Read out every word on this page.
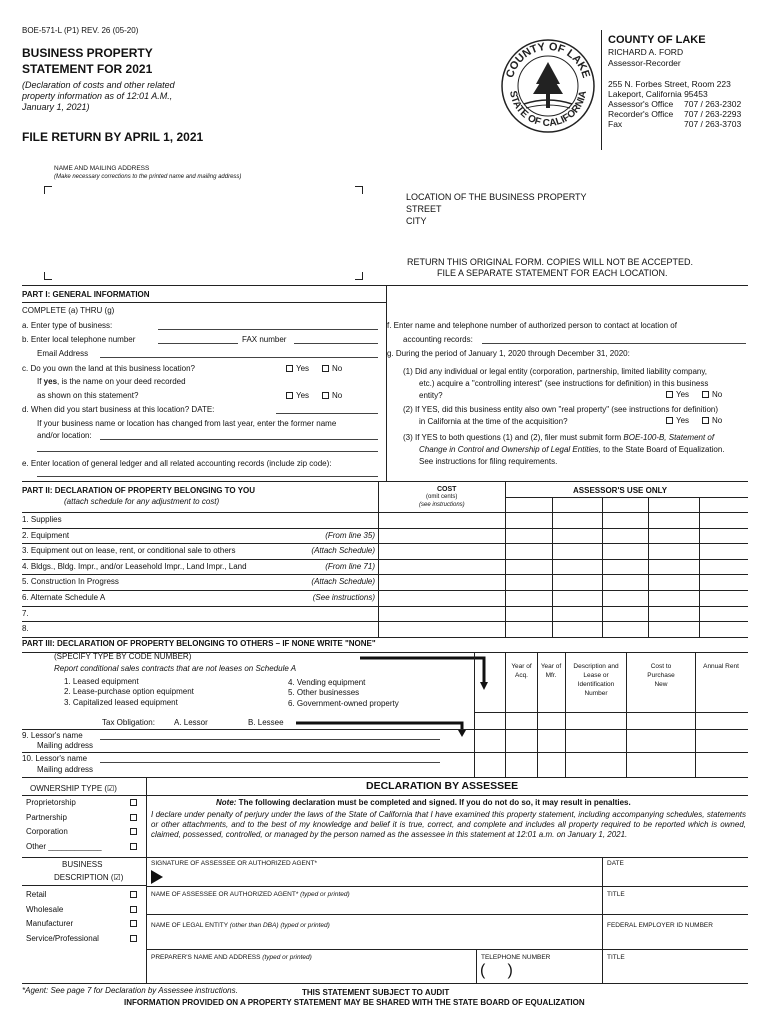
BOE-571-L (P1) REV. 26 (05-20)
BUSINESS PROPERTY
STATEMENT FOR 2021
(Declaration of costs and other related property information as of 12:01 A.M., January 1, 2021)
FILE RETURN BY APRIL 1, 2021
COUNTY OF LAKE
STATE OF CALIFORNIA
COUNTY OF LAKE
RICHARD A. FORD
Assessor-Recorder
255 N. Forbes Street, Room 223
Lakeport, California 95453
Assessor's Office 707 / 263-2302
Recorder's Office 707 / 263-2293
Fax	707 / 263-3703
NAME AND MAILING ADDRESS
(Make necessary corrections to the printed name and mailing address)
LOCATION OF THE BUSINESS PROPERTY
STREET
CITY
RETURN THIS ORIGINAL FORM. COPIES WILL NOT BE ACCEPTED.
FILE A SEPARATE STATEMENT FOR EACH LOCATION.
PART I: GENERAL INFORMATION
COMPLETE (a) THRU (g)
a. Enter type of business:
b. Enter local telephone number	FAX number
Email Address
c. Do you own the land at this business location?	Yes	No
If yes, is the name on your deed recorded
as shown on this statement?	Yes	No
d. When did you start business at this location? DATE:
If your business name or location has changed from last year, enter the former name
and/or location:
e. Enter location of general ledger and all related accounting records (include zip code):
f. Enter name and telephone number of authorized person to contact at location of
accounting records:
g. During the period of January 1, 2020 through December 31, 2020:
(1) Did any individual or legal entity (corporation, partnership, limited liability company,
etc.) acquire a "controlling interest" (see instructions for definition) in this business
entity?	Yes	No
(2) If YES, did this business entity also own "real property" (see instructions for definition)
in California at the time of the acquisition?	Yes	No
(3) If YES to both questions (1) and (2), filer must submit form BOE-100-B, Statement of
Change in Control and Ownership of Legal Entities, to the State Board of Equalization.
See instructions for filing requirements.
PART II: DECLARATION OF PROPERTY BELONGING TO YOU
(attach schedule for any adjustment to cost)
COST
(omit cents)
(see instructions)
ASSESSOR'S USE ONLY
1. Supplies
2. Equipment	(From line 35)
3. Equipment out on lease, rent, or conditional sale to others	(Attach Schedule)
4. Bldgs., Bldg. Impr., and/or Leasehold Impr., Land Impr., Land	(From line 71)
5. Construction In Progress	(Attach Schedule)
6. Alternate Schedule A	(See instructions)
7.
8.
PART III: DECLARATION OF PROPERTY BELONGING TO OTHERS – IF NONE WRITE "NONE"
(SPECIFY TYPE BY CODE NUMBER)
Report conditional sales contracts that are not leases on Schedule A
1. Leased equipment
2. Lease-purchase option equipment
3. Capitalized leased equipment
4. Vending equipment
5. Other businesses
6. Government-owned property
Tax Obligation: A. Lessor	B. Lessee
Year of Acq.
Year of Mfr.
Description and Lease or Identification Number
Cost to Purchase New
Annual Rent
9. Lessor's name
Mailing address
10. Lessor's name
Mailing address
OWNERSHIP TYPE (☑)
Proprietorship
Partnership
Corporation
Other ____________
BUSINESS
DESCRIPTION (☑)
Retail
Wholesale
Manufacturer
Service/Professional
DECLARATION BY ASSESSEE
Note: The following declaration must be completed and signed. If you do not do so, it may result in penalties.
I declare under penalty of perjury under the laws of the State of California that I have examined this property statement, including accompanying schedules, statements or other attachments, and to the best of my knowledge and belief it is true, correct, and complete and includes all property required to be reported which is owned, claimed, possessed, controlled, or managed by the person named as the assessee in this statement at 12:01 a.m. on January 1, 2021.
SIGNATURE OF ASSESSEE OR AUTHORIZED AGENT*	DATE
NAME OF ASSESSEE OR AUTHORIZED AGENT* (typed or printed)	TITLE
NAME OF LEGAL ENTITY (other than DBA) (typed or printed)	FEDERAL EMPLOYER ID NUMBER
PREPARER'S NAME AND ADDRESS (typed or printed)	TELEPHONE NUMBER
(     )
TITLE
*Agent: See page 7 for Declaration by Assessee instructions.	THIS STATEMENT SUBJECT TO AUDIT
INFORMATION PROVIDED ON A PROPERTY STATEMENT MAY BE SHARED WITH THE STATE BOARD OF EQUALIZATION
